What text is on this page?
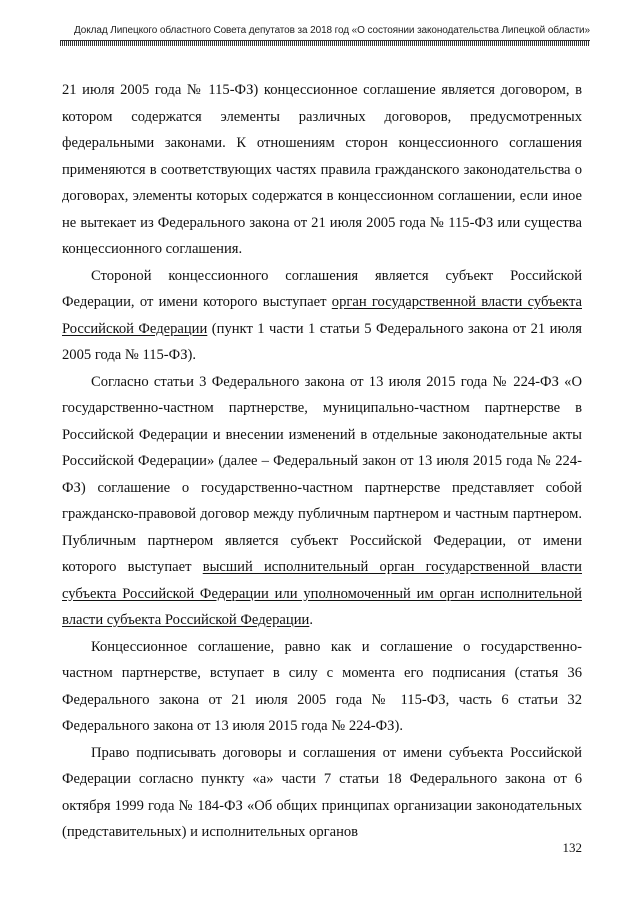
Доклад Липецкого областного Совета депутатов за 2018 год «О состоянии законодательства Липецкой области»

21 июля 2005 года № 115-ФЗ) концессионное соглашение является договором, в котором содержатся элементы различных договоров, предусмотренных федеральными законами. К отношениям сторон концессионного соглашения применяются в соответствующих частях правила гражданского законодательства о договорах, элементы которых содержатся в концессионном соглашении, если иное не вытекает из Федерального закона от 21 июля 2005 года № 115-ФЗ или существа концессионного соглашения.

Стороной концессионного соглашения является субъект Российской Федерации, от имени которого выступает орган государственной власти субъекта Российской Федерации (пункт 1 части 1 статьи 5 Федерального закона от 21 июля 2005 года № 115-ФЗ).

Согласно статьи 3 Федерального закона от 13 июля 2015 года № 224-ФЗ «О государственно-частном партнерстве, муниципально-частном партнерстве в Российской Федерации и внесении изменений в отдельные законодательные акты Российской Федерации» (далее – Федеральный закон от 13 июля 2015 года № 224-ФЗ) соглашение о государственно-частном партнерстве представляет собой гражданско-правовой договор между публичным партнером и частным партнером. Публичным партнером является субъект Российской Федерации, от имени которого выступает высший исполнительный орган государственной власти субъекта Российской Федерации или уполномоченный им орган исполнительной власти субъекта Российской Федерации.

Концессионное соглашение, равно как и соглашение о государственно-частном партнерстве, вступает в силу с момента его подписания (статья 36 Федерального закона от 21 июля 2005 года № 115-ФЗ, часть 6 статьи 32 Федерального закона от 13 июля 2015 года № 224-ФЗ).

Право подписывать договоры и соглашения от имени субъекта Российской Федерации согласно пункту «а» части 7 статьи 18 Федерального закона от 6 октября 1999 года № 184-ФЗ «Об общих принципах организации законодательных (представительных) и исполнительных органов

132
